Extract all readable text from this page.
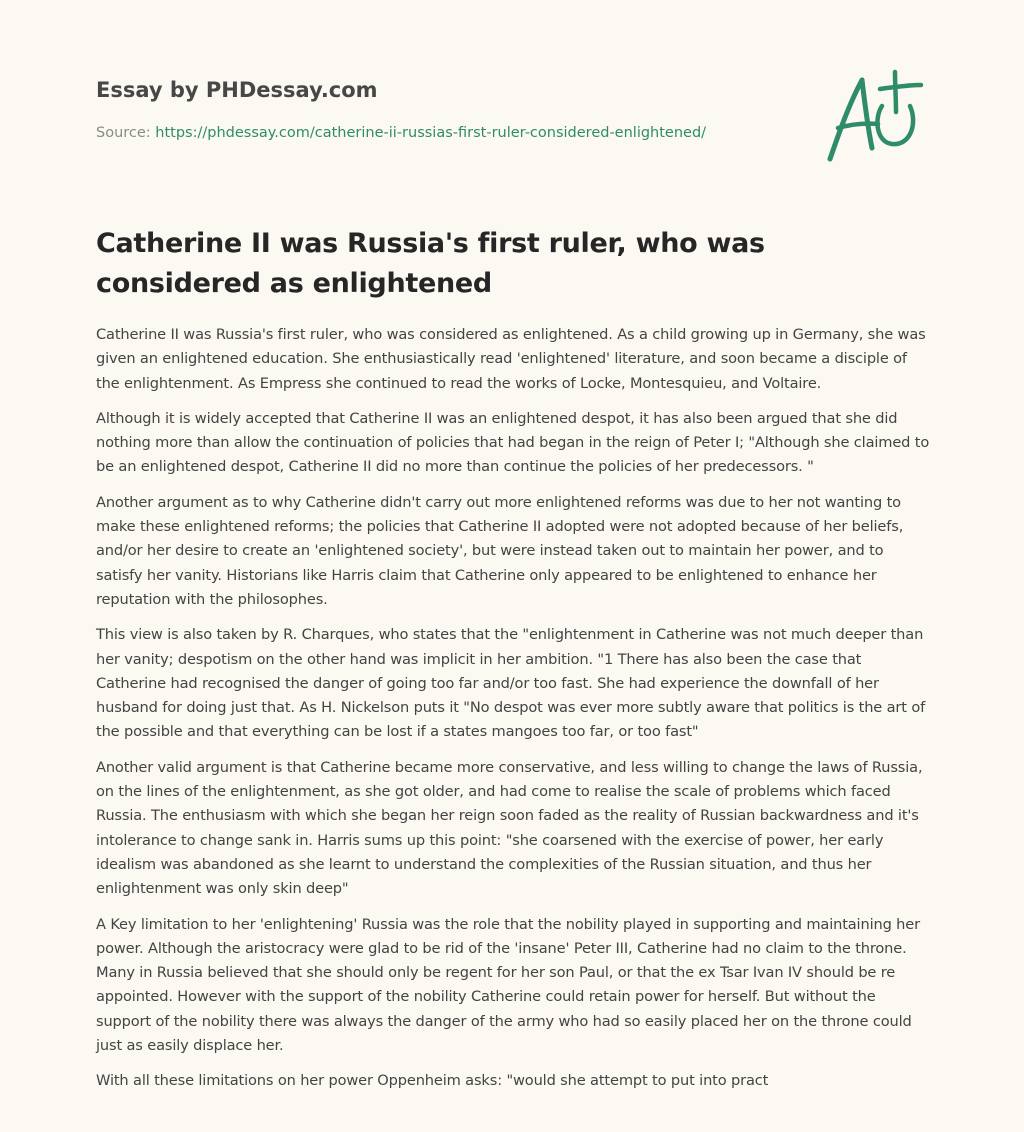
Essay by PHDessay.com
Source: https://phdessay.com/catherine-ii-russias-first-ruler-considered-enlightened/
Catherine II was Russia's first ruler, who was considered as enlightened

Catherine II was Russia's first ruler, who was considered as enlightened. As a child growing up in Germany, she was given an enlightened education. She enthusiastically read 'enlightened' literature, and soon became a disciple of the enlightenment. As Empress she continued to read the works of Locke, Montesquieu, and Voltaire.

Although it is widely accepted that Catherine II was an enlightened despot, it has also been argued that she did nothing more than allow the continuation of policies that had began in the reign of Peter I; "Although she claimed to be an enlightened despot, Catherine II did no more than continue the policies of her predecessors. "

Another argument as to why Catherine didn't carry out more enlightened reforms was due to her not wanting to make these enlightened reforms; the policies that Catherine II adopted were not adopted because of her beliefs, and/or her desire to create an 'enlightened society', but were instead taken out to maintain her power, and to satisfy her vanity. Historians like Harris claim that Catherine only appeared to be enlightened to enhance her reputation with the philosophes.

This view is also taken by R. Charques, who states that the "enlightenment in Catherine was not much deeper than her vanity; despotism on the other hand was implicit in her ambition. "1 There has also been the case that Catherine had recognised the danger of going too far and/or too fast. She had experience the downfall of her husband for doing just that. As H. Nickelson puts it "No despot was ever more subtly aware that politics is the art of the possible and that everything can be lost if a states mangoes too far, or too fast"

Another valid argument is that Catherine became more conservative, and less willing to change the laws of Russia, on the lines of the enlightenment, as she got older, and had come to realise the scale of problems which faced Russia. The enthusiasm with which she began her reign soon faded as the reality of Russian backwardness and it's intolerance to change sank in. Harris sums up this point: "she coarsened with the exercise of power, her early idealism was abandoned as she learnt to understand the complexities of the Russian situation, and thus her enlightenment was only skin deep"

A Key limitation to her 'enlightening' Russia was the role that the nobility played in supporting and maintaining her power. Although the aristocracy were glad to be rid of the 'insane' Peter III, Catherine had no claim to the throne. Many in Russia believed that she should only be regent for her son Paul, or that the ex Tsar Ivan IV should be re appointed. However with the support of the nobility Catherine could retain power for herself. But without the support of the nobility there was always the danger of the army who had so easily placed her on the throne could just as easily displace her.

With all these limitations on her power Oppenheim asks: "would she attempt to put into pract
